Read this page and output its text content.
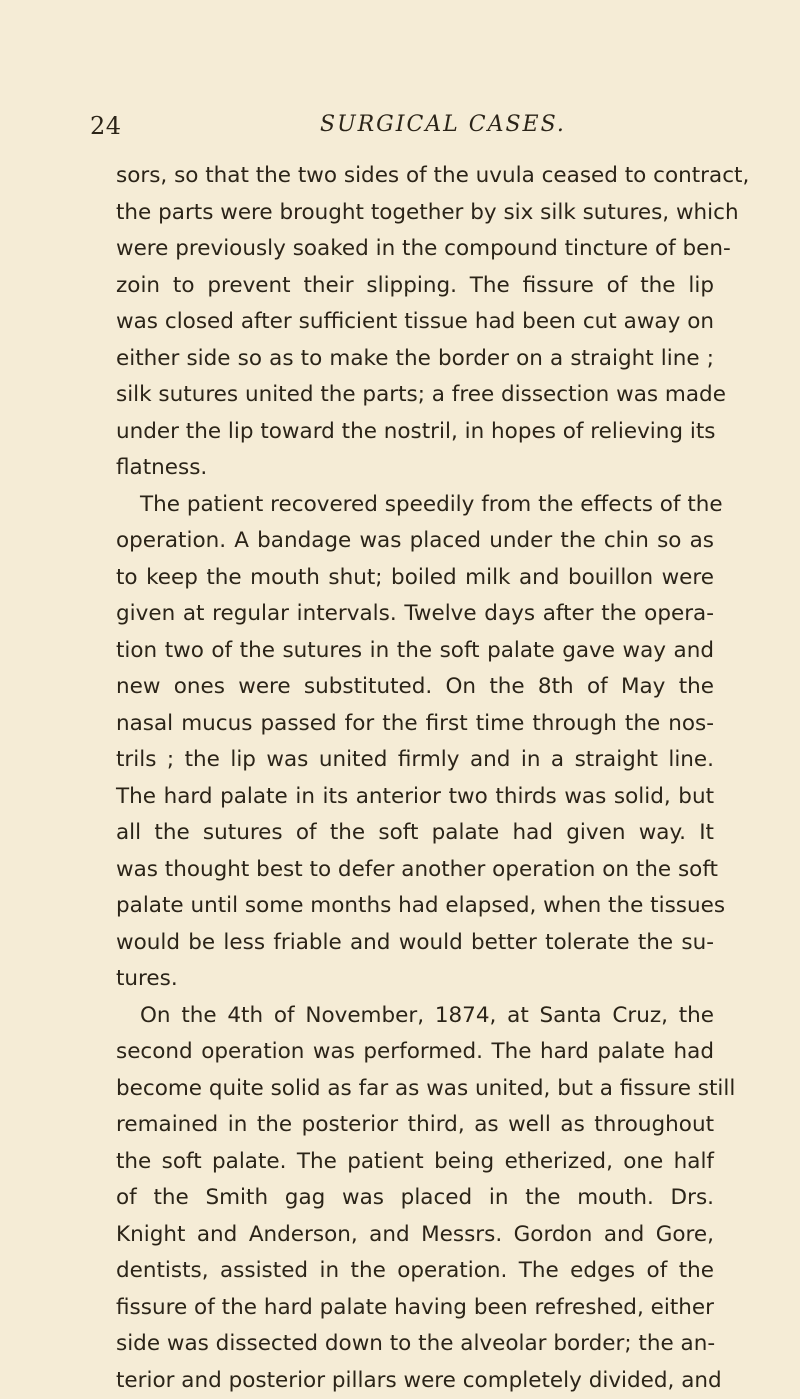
24	SURGICAL CASES.
sors, so that the two sides of the uvula ceased to contract,
the parts were brought together by six silk sutures, which
were previously soaked in the compound tincture of ben-
zoin to prevent their slipping. The fissure of the lip
was closed after sufficient tissue had been cut away on
either side so as to make the border on a straight line ;
silk sutures united the parts; a free dissection was made
under the lip toward the nostril, in hopes of relieving its
flatness.
The patient recovered speedily from the effects of the
operation. A bandage was placed under the chin so as
to keep the mouth shut; boiled milk and bouillon were
given at regular intervals. Twelve days after the opera-
tion two of the sutures in the soft palate gave way and
new ones were substituted. On the 8th of May the
nasal mucus passed for the first time through the nos-
trils ; the lip was united firmly and in a straight line.
The hard palate in its anterior two thirds was solid, but
all the sutures of the soft palate had given way. It
was thought best to defer another operation on the soft
palate until some months had elapsed, when the tissues
would be less friable and would better tolerate the su-
tures.
On the 4th of November, 1874, at Santa Cruz, the
second operation was performed. The hard palate had
become quite solid as far as was united, but a fissure still
remained in the posterior third, as well as throughout
the soft palate. The patient being etherized, one half
of the Smith gag was placed in the mouth. Drs.
Knight and Anderson, and Messrs. Gordon and Gore,
dentists, assisted in the operation. The edges of the
fissure of the hard palate having been refreshed, either
side was dissected down to the alveolar border; the an-
terior and posterior pillars were completely divided, and
